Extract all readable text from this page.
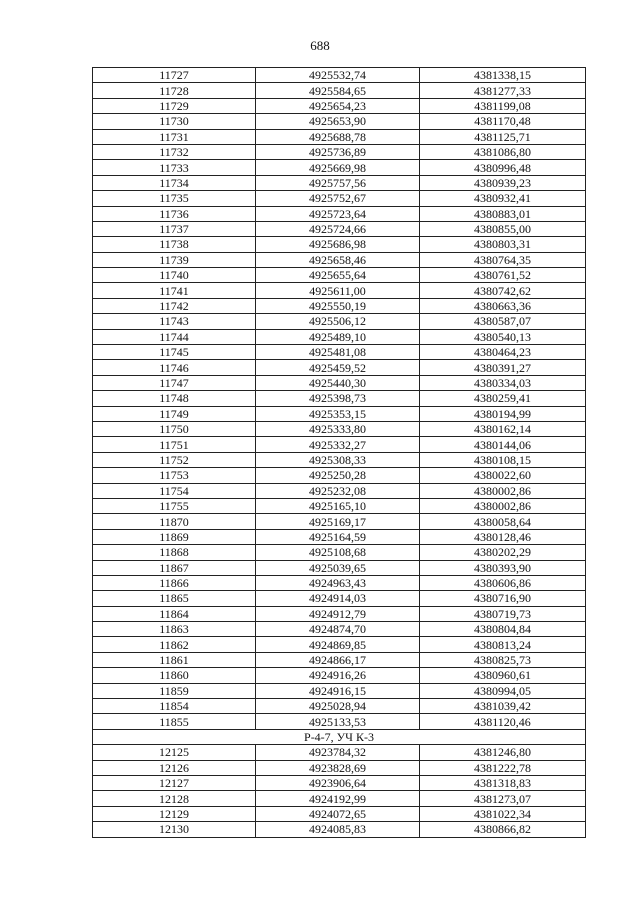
688
11727	4925532,74	4381338,15
11728	4925584,65	4381277,33
11729	4925654,23	4381199,08
11730	4925653,90	4381170,48
11731	4925688,78	4381125,71
11732	4925736,89	4381086,80
11733	4925669,98	4380996,48
11734	4925757,56	4380939,23
11735	4925752,67	4380932,41
11736	4925723,64	4380883,01
11737	4925724,66	4380855,00
11738	4925686,98	4380803,31
11739	4925658,46	4380764,35
11740	4925655,64	4380761,52
11741	4925611,00	4380742,62
11742	4925550,19	4380663,36
11743	4925506,12	4380587,07
11744	4925489,10	4380540,13
11745	4925481,08	4380464,23
11746	4925459,52	4380391,27
11747	4925440,30	4380334,03
11748	4925398,73	4380259,41
11749	4925353,15	4380194,99
11750	4925333,80	4380162,14
11751	4925332,27	4380144,06
11752	4925308,33	4380108,15
11753	4925250,28	4380022,60
11754	4925232,08	4380002,86
11755	4925165,10	4380002,86
11870	4925169,17	4380058,64
11869	4925164,59	4380128,46
11868	4925108,68	4380202,29
11867	4925039,65	4380393,90
11866	4924963,43	4380606,86
11865	4924914,03	4380716,90
11864	4924912,79	4380719,73
11863	4924874,70	4380804,84
11862	4924869,85	4380813,24
11861	4924866,17	4380825,73
11860	4924916,26	4380960,61
11859	4924916,15	4380994,05
11854	4925028,94	4381039,42
11855	4925133,53	4381120,46
Р-4-7, УЧ К-3		
12125	4923784,32	4381246,80
12126	4923828,69	4381222,78
12127	4923906,64	4381318,83
12128	4924192,99	4381273,07
12129	4924072,65	4381022,34
12130	4924085,83	4380866,82
